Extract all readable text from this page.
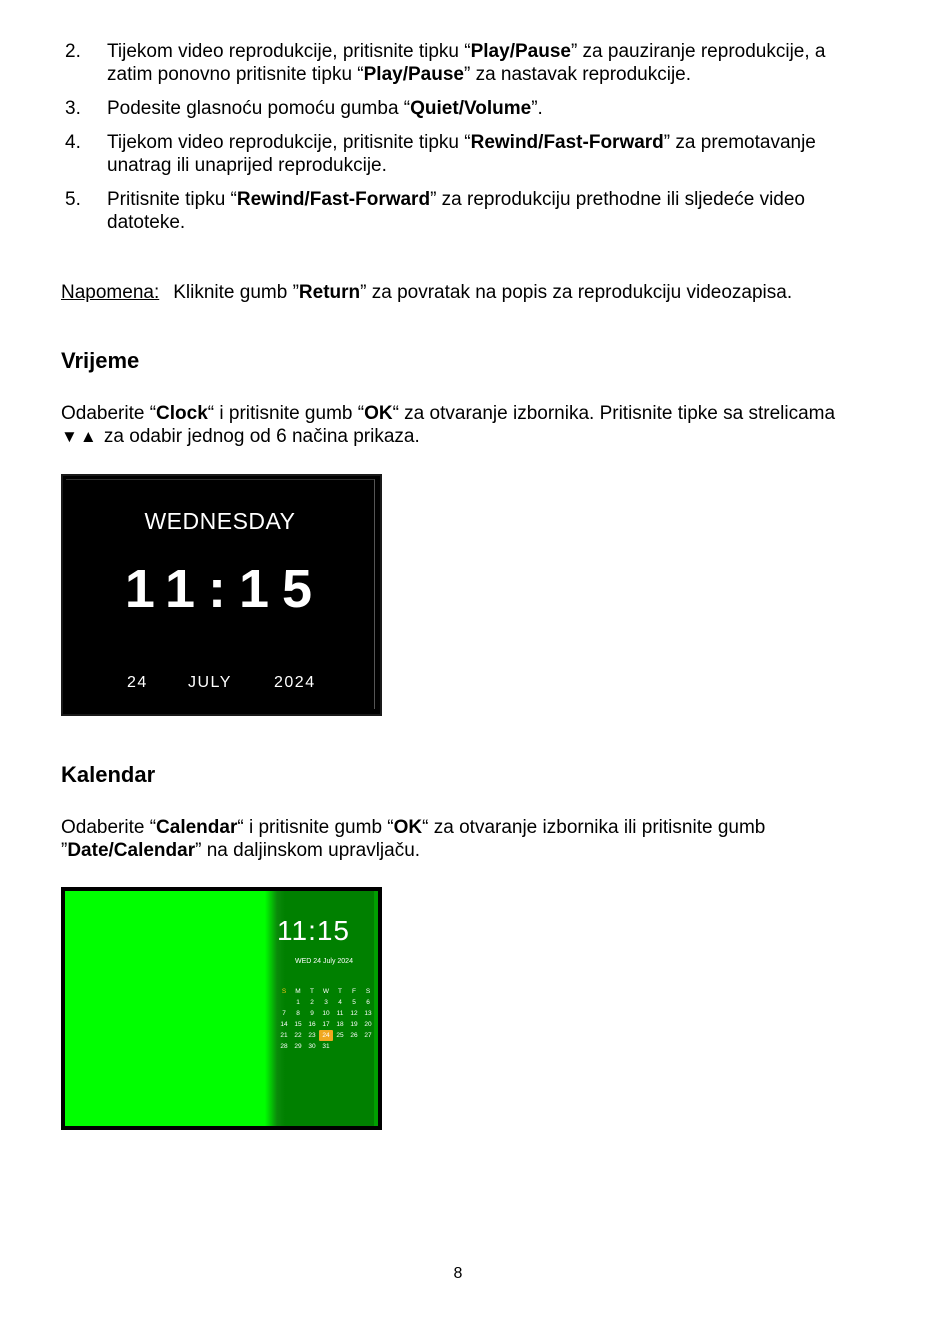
2. Tijekom video reprodukcije, pritisnite tipku “Play/Pause” za pauziranje reprodukcije, a zatim ponovno pritisnite tipku “Play/Pause” za nastavak reprodukcije.
3. Podesite glasnoću pomoću gumba “Quiet/Volume”.
4. Tijekom video reprodukcije, pritisnite tipku “Rewind/Fast-Forward” za premotavanje unatrag ili unaprijed reprodukcije.
5. Pritisnite tipku “Rewind/Fast-Forward” za reprodukciju prethodne ili sljedeće video datoteke.
Napomena: Kliknite gumb ”Return” za povratak na popis za reprodukciju videozapisa.
Vrijeme

Odaberite “Clock“ i pritisnite gumb “OK“ za otvaranje izbornika. Pritisnite tipke sa strelicama ▼▲ za odabir jednog od 6 načina prikaza.

WEDNESDAY
11:15
24	JULY	2024
Kalendar

Odaberite “Calendar“ i pritisnite gumb “OK“ za otvaranje izbornika ili pritisnite gumb ”Date/Calendar” na daljinskom upravljaču.

11:15
WED 24 July 2024
S	M	T	W	T	F	S
	1	2	3	4	5	6
7	8	9	10	11	12	13
14	15	16	17	18	19	20
21	22	23	24	25	26	27
28	29	30	31			
8
